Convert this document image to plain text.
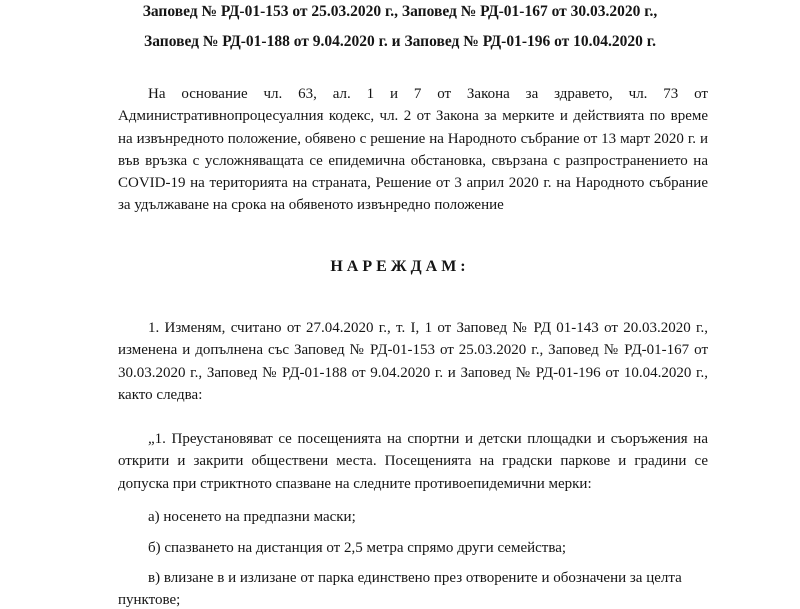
Заповед № РД-01-153 от 25.03.2020 г., Заповед № РД-01-167 от 30.03.2020 г.,
Заповед № РД-01-188 от 9.04.2020 г. и Заповед № РД-01-196 от 10.04.2020 г.

На основание чл. 63, ал. 1 и 7 от Закона за здравето, чл. 73 от Административнопроцесуалния кодекс, чл. 2 от Закона за мерките и действията по време на извънредното положение, обявено с решение на Народното събрание от 13 март 2020 г. и във връзка с усложняващата се епидемична обстановка, свързана с разпространението на COVID-19 на територията на страната, Решение от 3 април 2020 г. на Народното събрание за удължаване на срока на обявеното извънредно положение

НАРЕЖДАМ:

1. Изменям, считано от 27.04.2020 г., т. I, 1 от Заповед № РД 01-143 от 20.03.2020 г., изменена и допълнена със Заповед № РД-01-153 от 25.03.2020 г., Заповед № РД-01-167 от 30.03.2020 г., Заповед № РД-01-188 от 9.04.2020 г. и Заповед № РД-01-196 от 10.04.2020 г., както следва:

„1. Преустановяват се посещенията на спортни и детски площадки и съоръжения на открити и закрити обществени места. Посещенията на градски паркове и градини се допуска при стриктното спазване на следните противоепидемични мерки:

а) носенето на предпазни маски;
б) спазването на дистанция от 2,5 метра спрямо други семейства;
в) влизане в и излизане от парка единствено през отворените и обозначени за целта
пунктове;
